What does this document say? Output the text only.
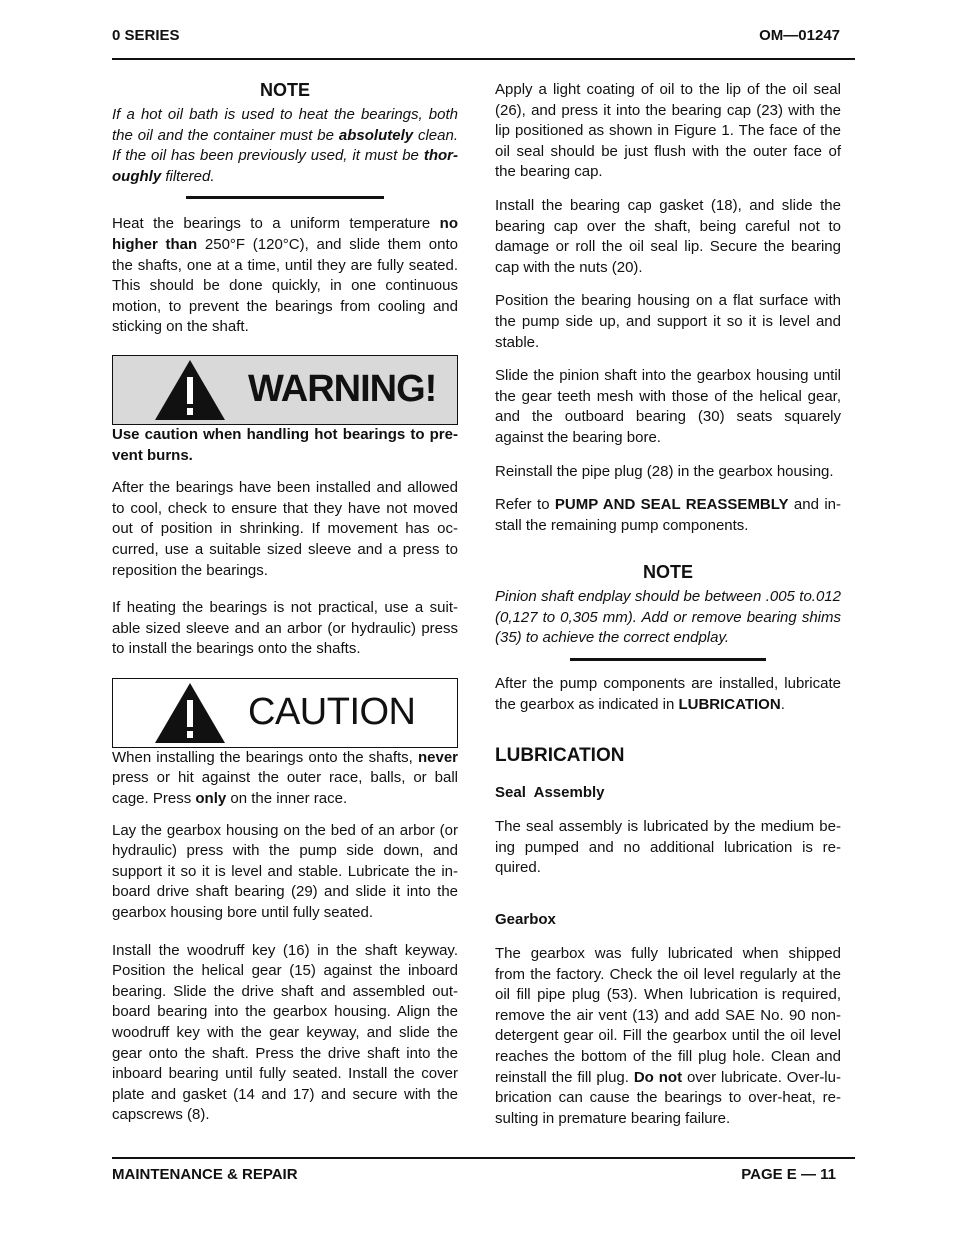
0 SERIES	OM—01247
NOTE

If a hot oil bath is used to heat the bearings, both the oil and the container must be absolutely clean. If the oil has been previously used, it must be thoroughly filtered.

Heat the bearings to a uniform temperature no higher than 250°F (120°C), and slide them onto the shafts, one at a time, until they are fully seated. This should be done quickly, in one continuous motion, to prevent the bearings from cooling and sticking on the shaft.

WARNING!

Use caution when handling hot bearings to prevent burns.

After the bearings have been installed and allowed to cool, check to ensure that they have not moved out of position in shrinking. If movement has occurred, use a suitable sized sleeve and a press to reposition the bearings.

If heating the bearings is not practical, use a suitable sized sleeve and an arbor (or hydraulic) press to install the bearings onto the shafts.

CAUTION

When installing the bearings onto the shafts, never press or hit against the outer race, balls, or ball cage. Press only on the inner race.

Lay the gearbox housing on the bed of an arbor (or hydraulic) press with the pump side down, and support it so it is level and stable. Lubricate the inboard drive shaft bearing (29) and slide it into the gearbox housing bore until fully seated.

Install the woodruff key (16) in the shaft keyway. Position the helical gear (15) against the inboard bearing. Slide the drive shaft and assembled outboard bearing into the gearbox housing. Align the woodruff key with the gear keyway, and slide the gear onto the shaft. Press the drive shaft into the inboard bearing until fully seated. Install the cover plate and gasket (14 and 17) and secure with the capscrews (8).

Apply a light coating of oil to the lip of the oil seal (26), and press it into the bearing cap (23) with the lip positioned as shown in Figure 1. The face of the oil seal should be just flush with the outer face of the bearing cap.

Install the bearing cap gasket (18), and slide the bearing cap over the shaft, being careful not to damage or roll the oil seal lip. Secure the bearing cap with the nuts (20).

Position the bearing housing on a flat surface with the pump side up, and support it so it is level and stable.

Slide the pinion shaft into the gearbox housing until the gear teeth mesh with those of the helical gear, and the outboard bearing (30) seats squarely against the bearing bore.

Reinstall the pipe plug (28) in the gearbox housing.

Refer to PUMP AND SEAL REASSEMBLY and install the remaining pump components.

NOTE

Pinion shaft endplay should be between .005 to.012 (0,127 to 0,305 mm). Add or remove bearing shims (35) to achieve the correct endplay.

After the pump components are installed, lubricate the gearbox as indicated in LUBRICATION.

LUBRICATION
Seal  Assembly

The seal assembly is lubricated by the medium being pumped and no additional lubrication is required.

Gearbox

The gearbox was fully lubricated when shipped from the factory. Check the oil level regularly at the oil fill pipe plug (53). When lubrication is required, remove the air vent (13) and add SAE No. 90 non-detergent gear oil. Fill the gearbox until the oil level reaches the bottom of the fill plug hole. Clean and reinstall the fill plug. Do not over lubricate. Over-lubrication can cause the bearings to over-heat, resulting in premature bearing failure.

MAINTENANCE & REPAIR	PAGE E — 11
